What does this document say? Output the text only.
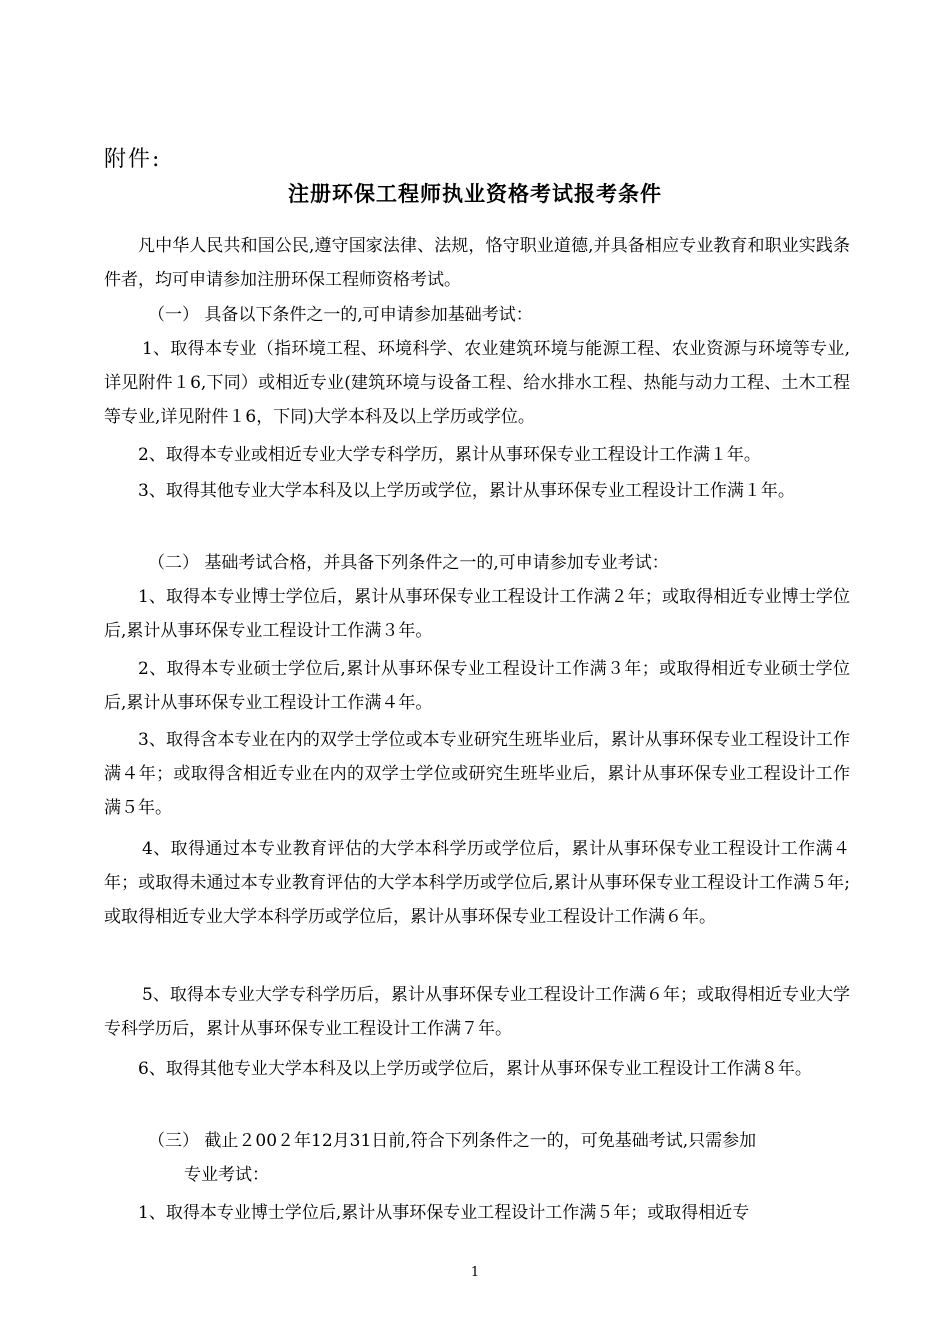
附件:
注册环保工程师执业资格考试报考条件
凡中华人民共和国公民,遵守国家法律、法规，恪守职业道德,并具备相应专业教育和职业实践条件者，均可申请参加注册环保工程师资格考试。
（一） 具备以下条件之一的,可申请参加基础考试：
1、取得本专业（指环境工程、环境科学、农业建筑环境与能源工程、农业资源与环境等专业,详见附件１6,下同）或相近专业(建筑环境与设备工程、给水排水工程、热能与动力工程、土木工程等专业,详见附件１6，下同)大学本科及以上学历或学位。
2、取得本专业或相近专业大学专科学历，累计从事环保专业工程设计工作满１年。
3、取得其他专业大学本科及以上学历或学位，累计从事环保专业工程设计工作满１年。
（二） 基础考试合格，并具备下列条件之一的,可申请参加专业考试：
1、取得本专业博士学位后，累计从事环保专业工程设计工作满２年；或取得相近专业博士学位后,累计从事环保专业工程设计工作满３年。
2、取得本专业硕士学位后,累计从事环保专业工程设计工作满３年；或取得相近专业硕士学位后,累计从事环保专业工程设计工作满４年。
3、取得含本专业在内的双学士学位或本专业研究生班毕业后，累计从事环保专业工程设计工作满４年；或取得含相近专业在内的双学士学位或研究生班毕业后，累计从事环保专业工程设计工作满５年。
4、取得通过本专业教育评估的大学本科学历或学位后，累计从事环保专业工程设计工作满４年；或取得未通过本专业教育评估的大学本科学历或学位后,累计从事环保专业工程设计工作满５年;或取得相近专业大学本科学历或学位后，累计从事环保专业工程设计工作满６年。
5、取得本专业大学专科学历后，累计从事环保专业工程设计工作满６年；或取得相近专业大学专科学历后，累计从事环保专业工程设计工作满７年。
6、取得其他专业大学本科及以上学历或学位后，累计从事环保专业工程设计工作满８年。
（三） 截止２00２年12月31日前,符合下列条件之一的，可免基础考试,只需参加
专业考试：
1、取得本专业博士学位后,累计从事环保专业工程设计工作满５年；或取得相近专
1
